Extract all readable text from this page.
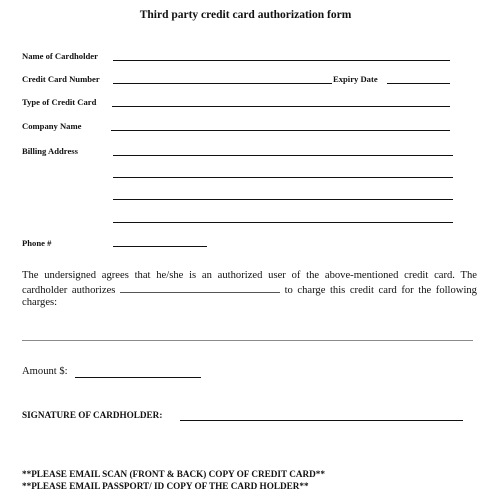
Third party credit card authorization form
Name of Cardholder
Credit Card Number	Expiry Date
Type of Credit Card
Company Name
Billing Address
Phone #
The undersigned agrees that he/she is an authorized user of the above-mentioned credit card. The cardholder authorizes	to charge this credit card for the following charges:
Amount $:
SIGNATURE OF CARDHOLDER:
**PLEASE EMAIL SCAN (FRONT & BACK) COPY OF CREDIT CARD**
**PLEASE EMAIL PASSPORT/ ID COPY OF THE CARD HOLDER**
